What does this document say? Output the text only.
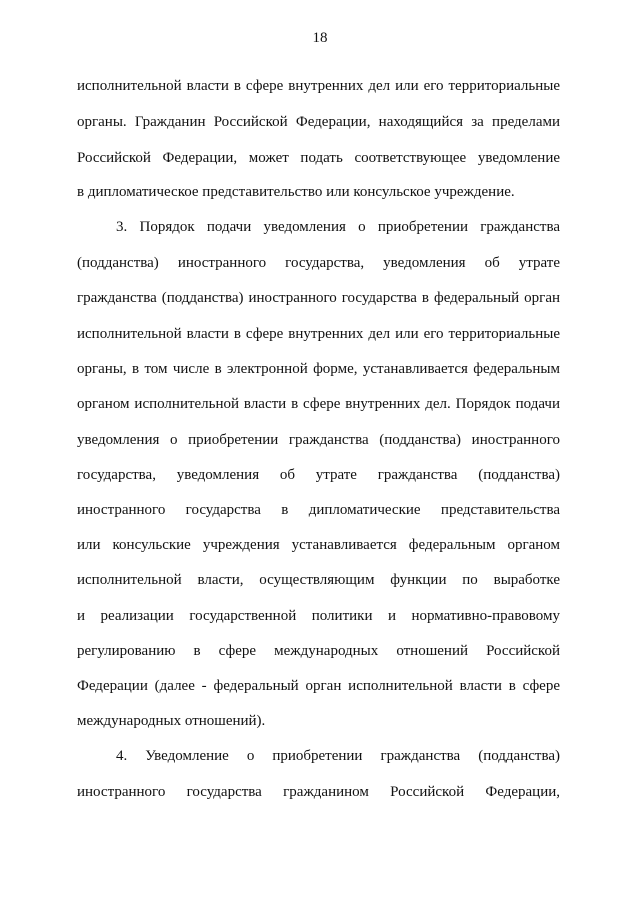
18
исполнительной власти в сфере внутренних дел или его территориальные
органы. Гражданин Российской Федерации, находящийся за пределами
Российской Федерации, может подать соответствующее уведомление
в дипломатическое представительство или консульское учреждение.
3. Порядок подачи уведомления о приобретении гражданства
(подданства) иностранного государства, уведомления об утрате
гражданства (подданства) иностранного государства в федеральный орган
исполнительной власти в сфере внутренних дел или его территориальные
органы, в том числе в электронной форме, устанавливается федеральным
органом исполнительной власти в сфере внутренних дел. Порядок подачи
уведомления о приобретении гражданства (подданства) иностранного
государства, уведомления об утрате гражданства (подданства)
иностранного государства в дипломатические представительства
или консульские учреждения устанавливается федеральным органом
исполнительной власти, осуществляющим функции по выработке
и реализации государственной политики и нормативно-правовому
регулированию в сфере международных отношений Российской
Федерации (далее - федеральный орган исполнительной власти в сфере
международных отношений).
4. Уведомление о приобретении гражданства (подданства)
иностранного государства гражданином Российской Федерации,
